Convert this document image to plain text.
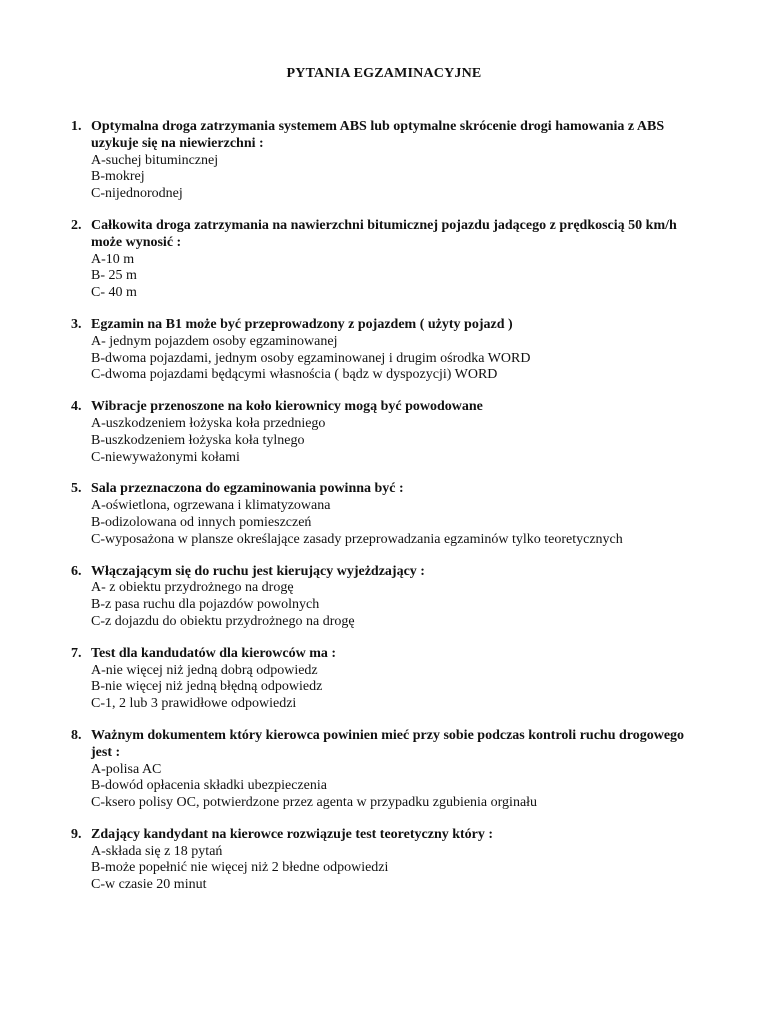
PYTANIA EGZAMINACYJNE
1. Optymalna droga zatrzymania systemem ABS lub optymalne skrócenie drogi hamowania z ABS uzykuje się na niewierzchni :
A-suchej bitumincznej
B-mokrej
C-nijednorodnej
2. Całkowita droga zatrzymania na nawierzchni bitumicznej pojazdu jadącego z prędkoscią 50 km/h może wynosić :
A-10 m
B- 25 m
C- 40 m
3. Egzamin na B1 może być przeprowadzony z pojazdem ( użyty pojazd )
A- jednym pojazdem osoby egzaminowanej
B-dwoma pojazdami, jednym osoby egzaminowanej i drugim ośrodka WORD
C-dwoma pojazdami będącymi własnościa ( bądz w dyspozycji) WORD
4. Wibracje przenoszone na koło kierownicy mogą być powodowane
A-uszkodzeniem łożyska koła przedniego
B-uszkodzeniem łożyska koła tylnego
C-niewyważonymi kołami
5. Sala przeznaczona do egzaminowania powinna być :
A-oświetlona, ogrzewana i klimatyzowana
B-odizolowana od innych pomieszczeń
C-wyposażona w plansze określające zasady przeprowadzania egzaminów tylko teoretycznych
6. Włączającym się do ruchu jest kierujący wyjeżdzający :
A- z obiektu przydrożnego na drogę
B-z pasa ruchu dla pojazdów powolnych
C-z dojazdu do obiektu przydrożnego na drogę
7. Test dla kandudatów dla kierowców ma :
A-nie więcej niż jedną dobrą odpowiedz
B-nie więcej niż jedną błędną odpowiedz
C-1, 2 lub 3 prawidłowe odpowiedzi
8. Ważnym dokumentem który kierowca powinien mieć przy sobie podczas kontroli ruchu drogowego jest :
A-polisa AC
B-dowód opłacenia składki ubezpieczenia
C-ksero polisy OC, potwierdzone przez agenta w przypadku zgubienia orginału
9. Zdający kandydant na kierowce rozwiązuje test teoretyczny który :
A-składa się z 18 pytań
B-może popełnić nie więcej niż 2 błedne odpowiedzi
C-w czasie 20 minut
